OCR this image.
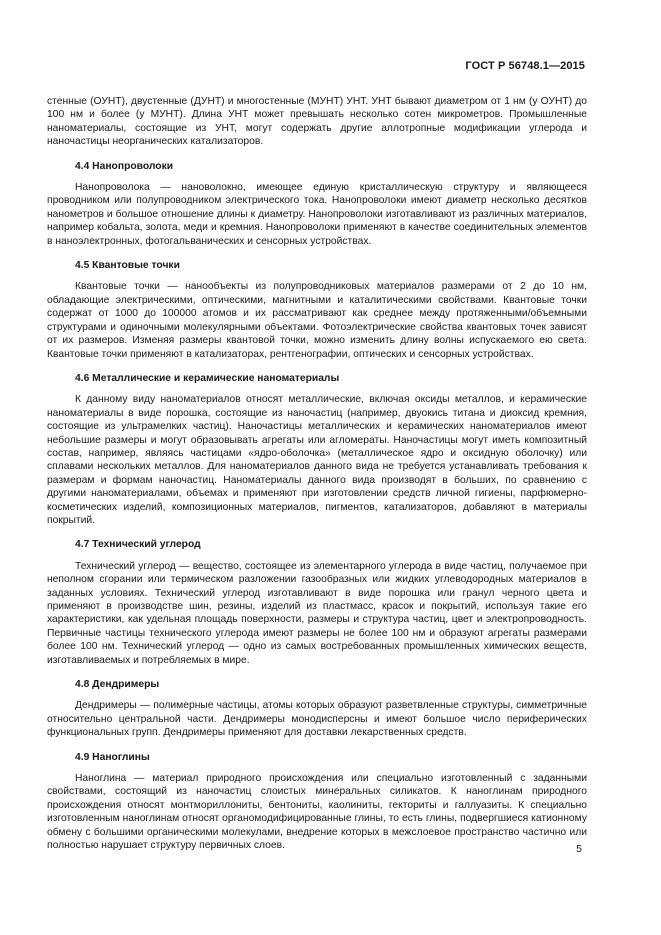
ГОСТ Р 56748.1—2015

стенные (ОУНТ), двустенные (ДУНТ) и многостенные (МУНТ) УНТ. УНТ бывают диаметром от 1 нм (у ОУНТ) до 100 нм и более (у МУНТ). Длина УНТ может превышать несколько сотен микрометров. Промышленные наноматериалы, состоящие из УНТ, могут содержать другие аллотропные модификации углерода и наночастицы неорганических катализаторов.

4.4 Нанопроволоки

Нанопроволока — нановолокно, имеющее единую кристаллическую структуру и являющееся проводником или полупроводником электрического тока. Нанопроволоки имеют диаметр несколько десятков нанометров и большое отношение длины к диаметру. Нанопроволоки изготавливают из различных материалов, например кобальта, золота, меди и кремния. Нанопроволоки применяют в качестве соединительных элементов в наноэлектронных, фотогальванических и сенсорных устройствах.

4.5 Квантовые точки

Квантовые точки — нанообъекты из полупроводниковых материалов размерами от 2 до 10 нм, обладающие электрическими, оптическими, магнитными и каталитическими свойствами. Квантовые точки содержат от 1000 до 100000 атомов и их рассматривают как среднее между протяженными/объемными структурами и одиночными молекулярными объектами. Фотоэлектрические свойства квантовых точек зависят от их размеров. Изменяя размеры квантовой точки, можно изменить длину волны испускаемого ею света. Квантовые точки применяют в катализаторах, рентгенографии, оптических и сенсорных устройствах.

4.6 Металлические и керамические наноматериалы

К данному виду наноматериалов относят металлические, включая оксиды металлов, и керамические наноматериалы в виде порошка, состоящие из наночастиц (например, двуокись титана и диоксид кремния, состоящие из ультрамелких частиц). Наночастицы металлических и керамических наноматериалов имеют небольшие размеры и могут образовывать агрегаты или агломераты. Наночастицы могут иметь композитный состав, например, являясь частицами «ядро-оболочка» (металлическое ядро и оксидную оболочку) или сплавами нескольких металлов. Для наноматериалов данного вида не требуется устанавливать требования к размерам и формам наночастиц. Наноматериалы данного вида производят в больших, по сравнению с другими наноматериалами, объемах и применяют при изготовлении средств личной гигиены, парфюмерно-косметических изделий, композиционных материалов, пигментов, катализаторов, добавляют в материалы покрытий.

4.7 Технический углерод

Технический углерод — вещество, состоящее из элементарного углерода в виде частиц, получаемое при неполном сгорании или термическом разложении газообразных или жидких углеводородных материалов в заданных условиях. Технический углерод изготавливают в виде порошка или гранул черного цвета и применяют в производстве шин, резины, изделий из пластмасс, красок и покрытий, используя такие его характеристики, как удельная площадь поверхности, размеры и структура частиц, цвет и электропроводность. Первичные частицы технического углерода имеют размеры не более 100 нм и образуют агрегаты размерами более 100 нм. Технический углерод — одно из самых востребованных промышленных химических веществ, изготавливаемых и потребляемых в мире.

4.8 Дендримеры

Дендримеры — полимерные частицы, атомы которых образуют разветвленные структуры, симметричные относительно центральной части. Дендримеры монодисперсны и имеют большое число периферических функциональных групп. Дендримеры применяют для доставки лекарственных средств.

4.9 Наноглины

Наноглина — материал природного происхождения или специально изготовленный с заданными свойствами, состоящий из наночастиц слоистых минеральных силикатов. К наноглинам природного происхождения относят монтмориллониты, бентониты, каолиниты, гекториты и галлуазиты. К специально изготовленным наноглинам относят органомодифицированные глины, то есть глины, подвергшиеся катионному обмену с большими органическими молекулами, внедрение которых в межслоевое пространство частично или полностью нарушает структуру первичных слоев.	5
